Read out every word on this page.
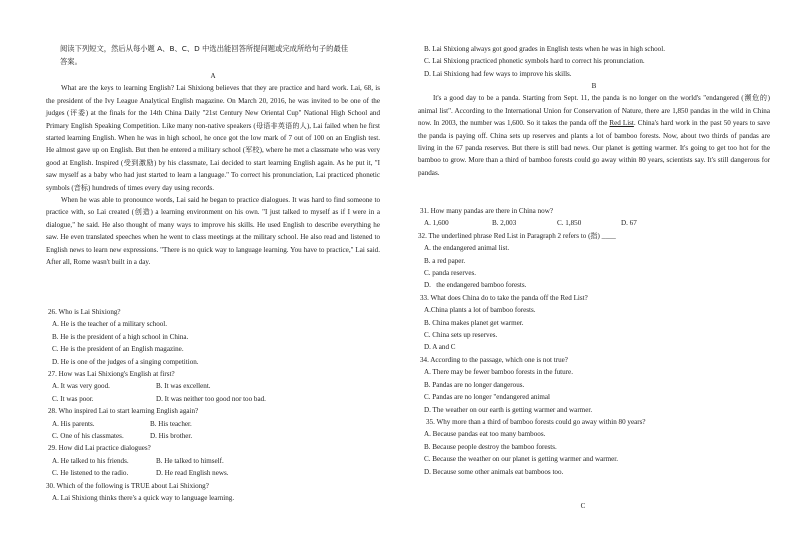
阅读下列短文，然后从每小题 A、B、C、D 中选出能回答所提问题或完成所给句子的最佳
答案。
A

What are the keys to learning English? Lai Shixiong believes that they are practice and hard work. Lai, 68, is the president of the Ivy League Analytical English magazine. On March 20, 2016, he was invited to be one of the judges (评委) at the finals for the 14th China Daily "21st Century New Oriental Cup" National High School and Primary English Speaking Competition. Like many non-native speakers (母语非英语的人), Lai failed when he first started learning English. When he was in high school, he once got the low mark of 7 out of 100 on an English test. He almost gave up on English. But then he entered a military school (军校), where he met a classmate who was very good at English. Inspired (受到激励) by his classmate, Lai decided to start learning English again. As he put it, "I saw myself as a baby who had just started to learn a language." To correct his pronunciation, Lai practiced phonetic symbols (音标) hundreds of times every day using records.

When he was able to pronounce words, Lai said he began to practice dialogues. It was hard to find someone to practice with, so Lai created (创造) a learning environment on his own. "I just talked to myself as if I were in a dialogue," he said. He also thought of many ways to improve his skills. He used English to describe everything he saw. He even translated speeches when he went to class meetings at the military school. He also read and listened to English news to learn new expressions. "There is no quick way to language learning. You have to practice," Lai said. After all, Rome wasn't built in a day.

26. Who is Lai Shixiong?

A. He is the teacher of a military school.

B. He is the president of a high school in China.

C. He is the president of an English magazine.

D. He is one of the judges of a singing competition.

27. How was Lai Shixiong's English at first?

A. It was very good.	B. It was excellent.
C. It was poor.	D. It was neither too good nor too bad.

28. Who inspired Lai to start learning English again?

A. His parents.	B. His teacher.
C. One of his classmates.	D. His brother.

29. How did Lai practice dialogues?

A. He talked to his friends.	B. He talked to himself.
C. He listened to the radio.	D. He read English news.

30. Which of the following is TRUE about Lai Shixiong?

A. Lai Shixiong thinks there's a quick way to language learning.

B. Lai Shixiong always got good grades in English tests when he was in high school.

C. Lai Shixiong practiced phonetic symbols hard to correct his pronunciation.

D. Lai Shixiong had few ways to improve his skills.

B

It's a good day to be a panda. Starting from Sept. 11, the panda is no longer on the world's "endangered (濒危的) animal list". According to the International Union for Conservation of Nature, there are 1,850 pandas in the wild in China now. In 2003, the number was 1,600. So it takes the panda off the Red List. China's hard work in the past 50 years to save the panda is paying off. China sets up reserves and plants a lot of bamboo forests. Now, about two thirds of pandas are living in the 67 panda reserves. But there is still bad news. Our planet is getting warmer. It's going to get too hot for the bamboo to grow. More than a third of bamboo forests could go away within 80 years, scientists say. It's still dangerous for pandas.

31. How many pandas are there in China now?

A. 1,600	B. 2,003	C. 1,850	D. 67

32. The underlined phrase Red List in Paragraph 2 refers to (指) ____

A. the endangered animal list.

B. a red paper.

C. panda reserves.

D.   the endangered bamboo forests.

33. What does China do to take the panda off the Red List?

A.China plants a lot of bamboo forests.

B. China makes planet get warmer.

C. China sets up reserves.

D. A and C

34. According to the passage, which one is not true?

A. There may be fewer bamboo forests in the future.

B. Pandas are no longer dangerous.

C. Pandas are no longer "endangered animal

D. The weather on our earth is getting warmer and warmer.

35. Why more than a third of bamboo forests could go away within 80 years?

A. Because pandas eat too many bamboos.

B. Because people destroy the bamboo forests.

C. Because the weather on our planet is getting warmer and warmer.

D. Because some other animals eat bamboos too.

C
